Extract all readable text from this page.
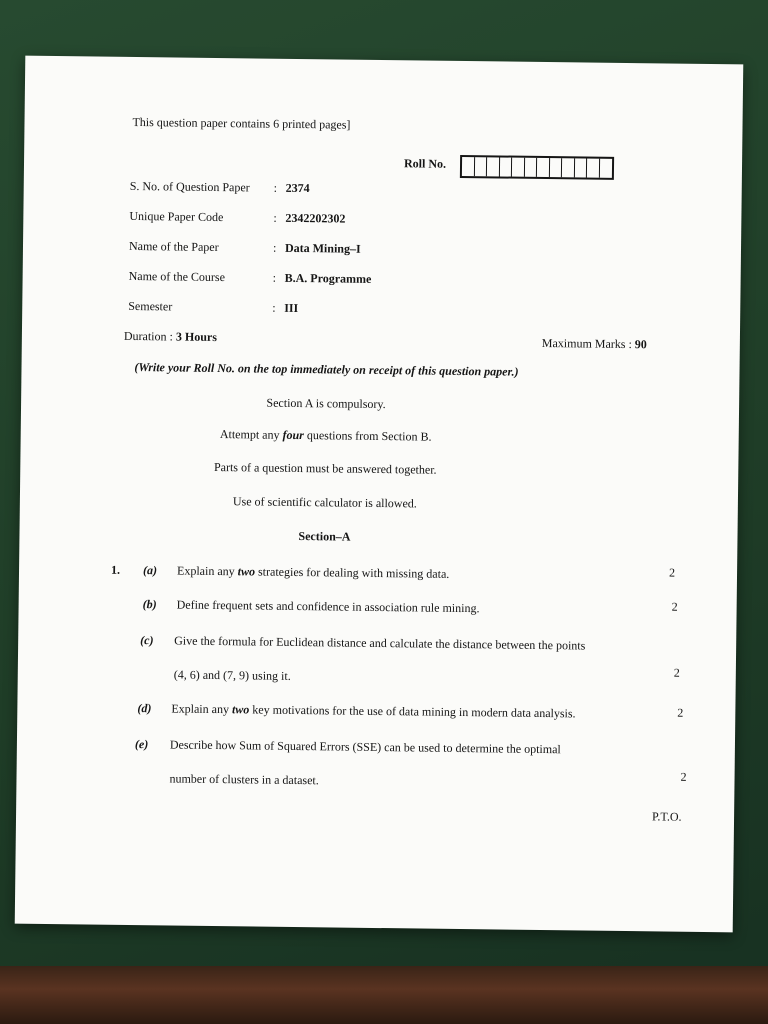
This question paper contains 6 printed pages]
Roll No.
S. No. of Question Paper : 2374
Unique Paper Code	: 2342202302
Name of the Paper	: Data Mining–I
Name of the Course	: B.A. Programme
Semester	: III
Duration : 3 Hours	Maximum Marks : 90
(Write your Roll No. on the top immediately on receipt of this question paper.)
Section A is compulsory.
Attempt any four questions from Section B.
Parts of a question must be answered together.
Use of scientific calculator is allowed.
Section–A
1. (a) Explain any two strategies for dealing with missing data.	2
(b) Define frequent sets and confidence in association rule mining.	2
(c) Give the formula for Euclidean distance and calculate the distance between the points
(4, 6) and (7, 9) using it.	2
(d) Explain any two key motivations for the use of data mining in modern data analysis.	2
(e) Describe how Sum of Squared Errors (SSE) can be used to determine the optimal
number of clusters in a dataset.	2
P.T.O.
